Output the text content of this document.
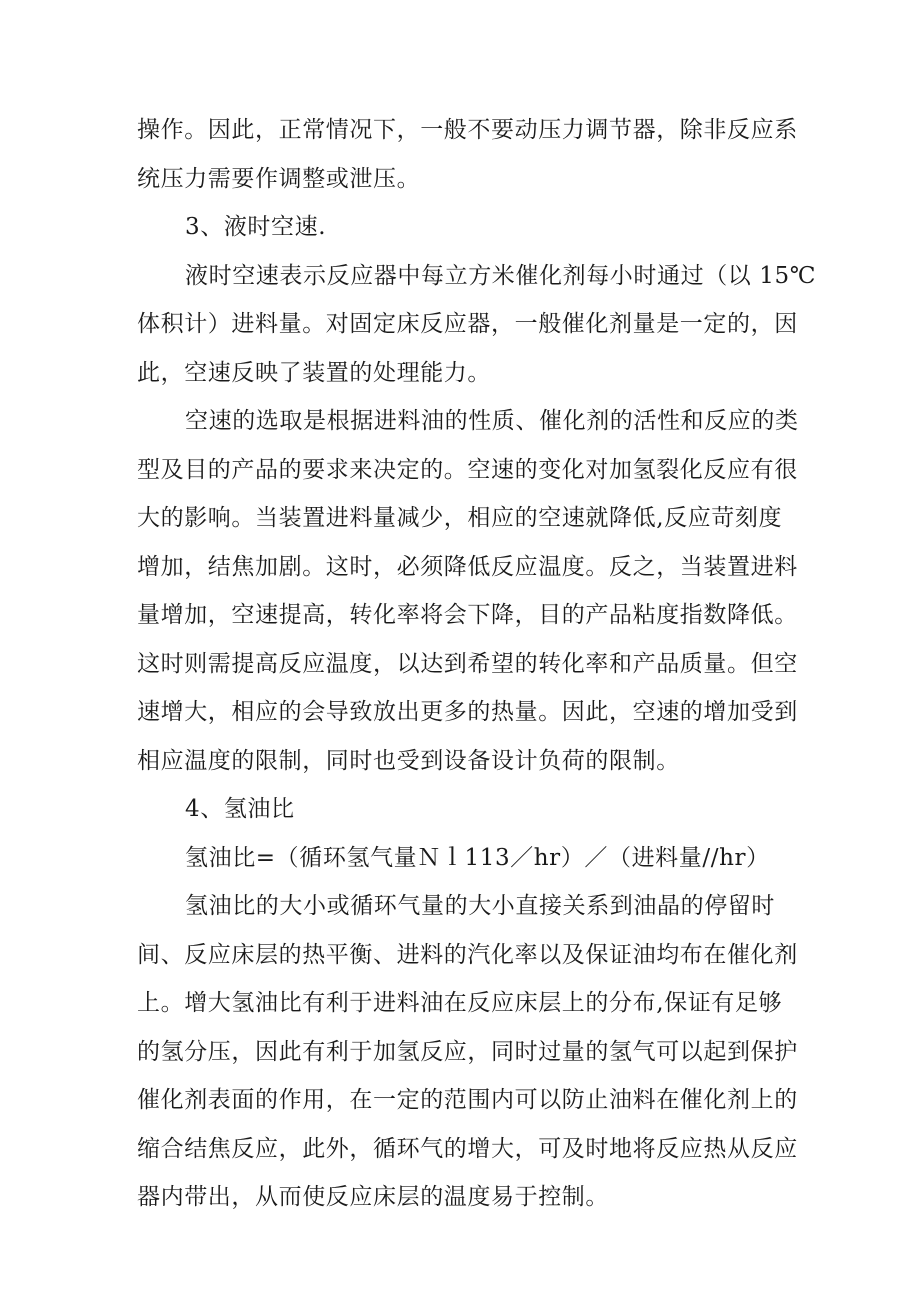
操作。因此，正常情况下，一般不要动压力调节器，除非反应系
统压力需要作调整或泄压。

3、液时空速.

液时空速表示反应器中每立方米催化剂每小时通过（以 15℃
体积计）进料量。对固定床反应器，一般催化剂量是一定的，因
此，空速反映了装置的处理能力。

空速的选取是根据进料油的性质、催化剂的活性和反应的类
型及目的产品的要求来决定的。空速的变化对加氢裂化反应有很
大的影响。当装置进料量减少，相应的空速就降低,反应苛刻度
增加，结焦加剧。这时，必须降低反应温度。反之，当装置进料
量增加，空速提高，转化率将会下降，目的产品粘度指数降低。
这时则需提高反应温度，以达到希望的转化率和产品质量。但空
速增大，相应的会导致放出更多的热量。因此，空速的增加受到
相应温度的限制，同时也受到设备设计负荷的限制。

4、氢油比

氢油比=（循环氢气量Ｎｌ113／hr）／（进料量//hr）

氢油比的大小或循环气量的大小直接关系到油晶的停留时
间、反应床层的热平衡、进料的汽化率以及保证油均布在催化剂
上。增大氢油比有利于进料油在反应床层上的分布,保证有足够
的氢分压，因此有利于加氢反应，同时过量的氢气可以起到保护
催化剂表面的作用，在一定的范围内可以防止油料在催化剂上的
缩合结焦反应，此外，循环气的增大，可及时地将反应热从反应
器内带出，从而使反应床层的温度易于控制。
